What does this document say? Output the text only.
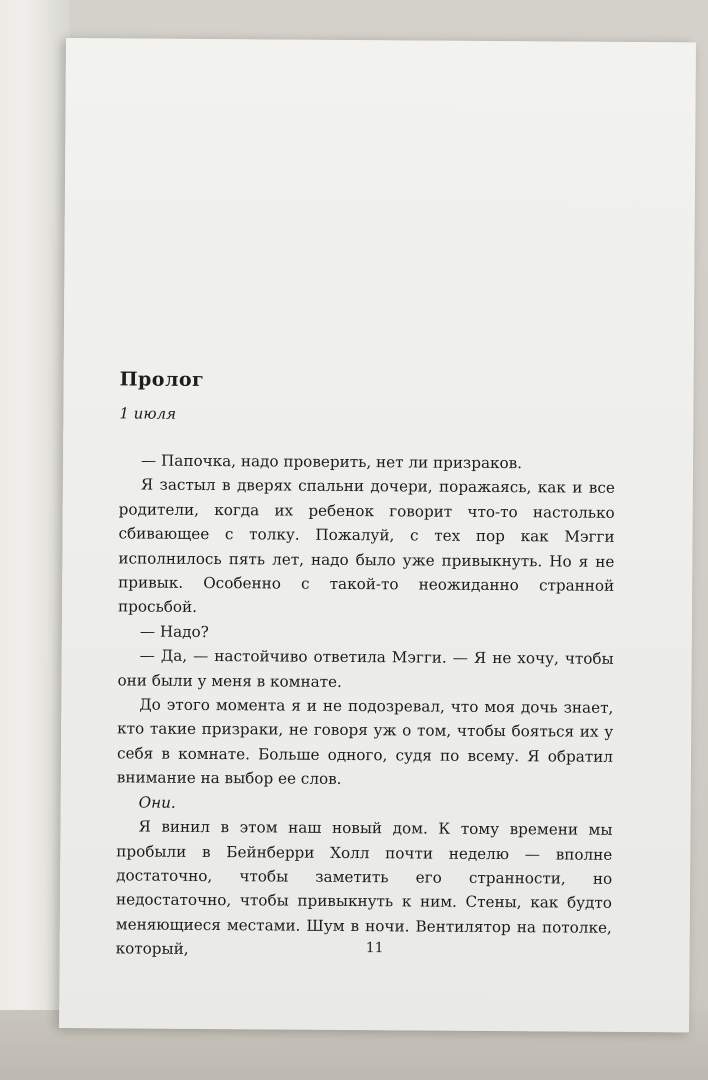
Пролог
1 июля

— Папочка, надо проверить, нет ли призраков.

Я застыл в дверях спальни дочери, поражаясь, как и все родители, когда их ребенок говорит что-то настолько сбивающее с толку. Пожалуй, с тех пор как Мэгги исполнилось пять лет, надо было уже привыкнуть. Но я не привык. Особенно с такой-то неожиданно странной просьбой.

— Надо?

— Да, — настойчиво ответила Мэгги. — Я не хочу, чтобы они были у меня в комнате.

До этого момента я и не подозревал, что моя дочь знает, кто такие призраки, не говоря уж о том, чтобы бояться их у себя в комнате. Больше одного, судя по всему. Я обратил внимание на выбор ее слов.

Они.

Я винил в этом наш новый дом. К тому времени мы пробыли в Бейнберри Холл почти неделю — вполне достаточно, чтобы заметить его странности, но недостаточно, чтобы привыкнуть к ним. Стены, как будто меняющиеся местами. Шум в ночи. Вентилятор на потолке, который,	11
